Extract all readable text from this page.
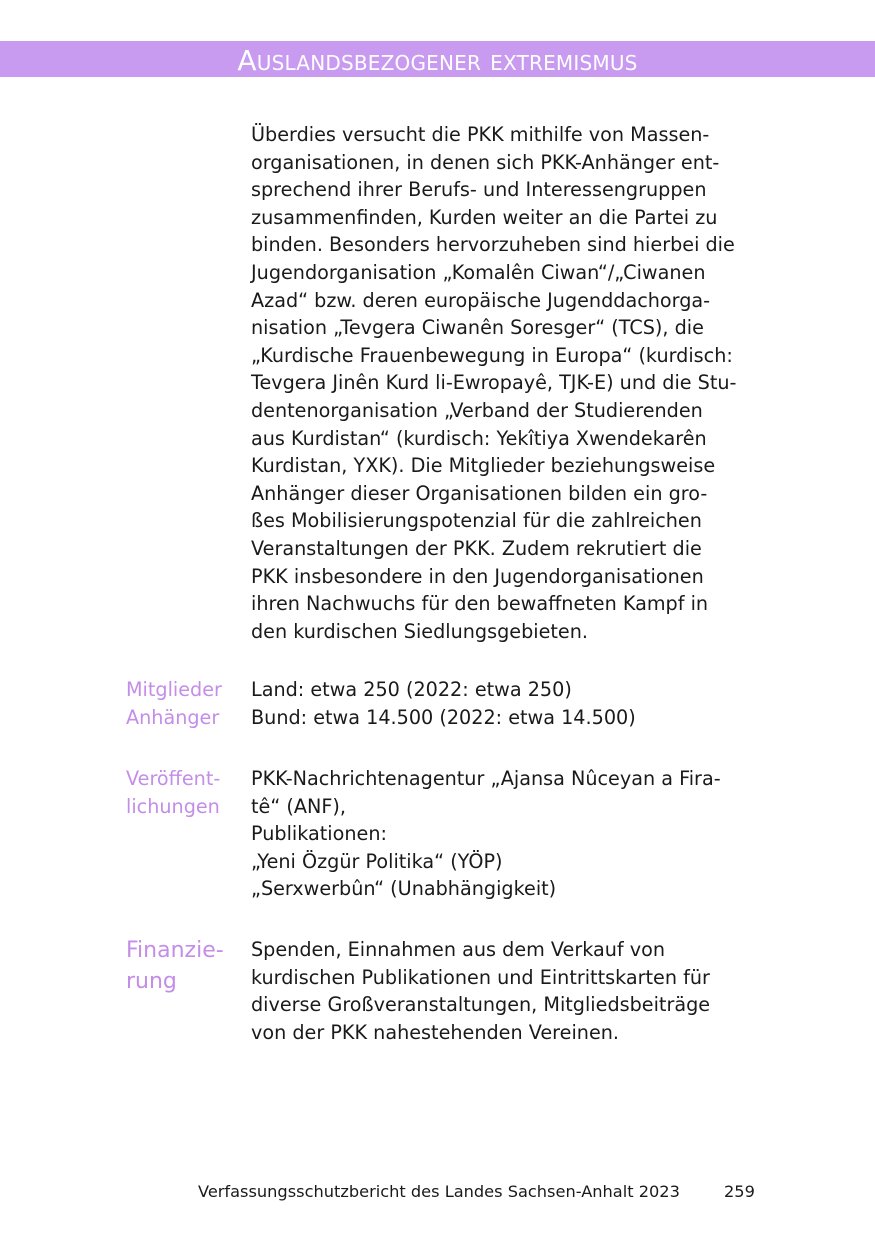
Auslandsbezogener extremismus
Überdies versucht die PKK mithilfe von Massen-
organisationen, in denen sich PKK-Anhänger ent-
sprechend ihrer Berufs- und Interessengruppen
zusammenfinden, Kurden weiter an die Partei zu
binden. Besonders hervorzuheben sind hierbei die
Jugendorganisation „Komalên Ciwan“/„Ciwanen
Azad“ bzw. deren europäische Jugenddachorga-
nisation „Tevgera Ciwanên Soresger“ (TCS), die
„Kurdische Frauenbewegung in Europa“ (kurdisch:
Tevgera Jinên Kurd li-Ewropayê, TJK-E) und die Stu-
dentenorganisation „Verband der Studierenden
aus Kurdistan“ (kurdisch: Yekîtiya Xwendekarên
Kurdistan, YXK). Die Mitglieder beziehungsweise
Anhänger dieser Organisationen bilden ein gro-
ßes Mobilisierungspotenzial für die zahlreichen
Veranstaltungen der PKK. Zudem rekrutiert die
PKK insbesondere in den Jugendorganisationen
ihren Nachwuchs für den bewaffneten Kampf in
den kurdischen Siedlungsgebieten.
Mitglieder
Anhänger
Land: etwa 250 (2022: etwa 250)
Bund: etwa 14.500 (2022: etwa 14.500)
Veröffent-
lichungen
PKK-Nachrichtenagentur „Ajansa Nûceyan a Fira-
tê“ (ANF),
Publikationen:
„Yeni Özgür Politika“ (YÖP)
„Serxwerbûn“ (Unabhängigkeit)
Finanzie-
rung
Spenden, Einnahmen aus dem Verkauf von
kurdischen Publikationen und Eintrittskarten für
diverse Großveranstaltungen, Mitgliedsbeiträge
von der PKK nahestehenden Vereinen.
Verfassungsschutzbericht des Landes Sachsen-Anhalt 2023	259
